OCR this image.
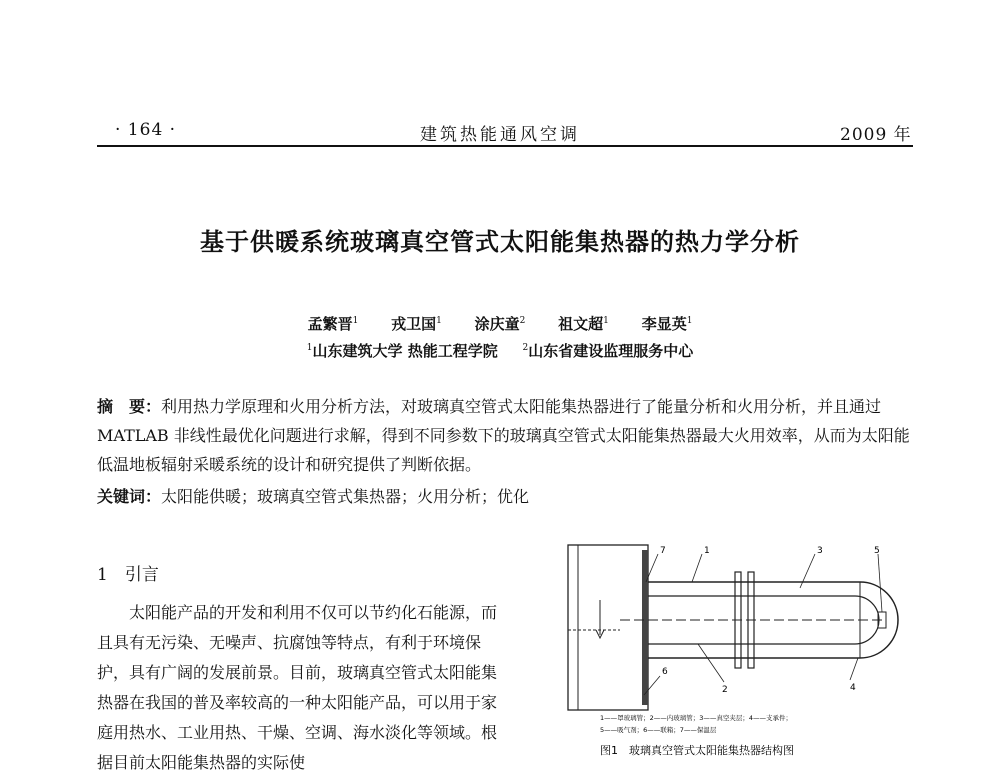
· 164 ·	建筑热能通风空调	2009 年
基于供暖系统玻璃真空管式太阳能集热器的热力学分析
孟繁晋$^1$ 戎卫国$^1$ 涂庆童$^2$ 祖文超$^1$ 李显英$^1$
$^1$山东建筑大学 热能工程学院	$^2$山东省建设监理服务中心
摘　要：利用热力学原理和火用分析方法，对玻璃真空管式太阳能集热器进行了能量分析和火用分析，并且通过 MATLAB 非线性最优化问题进行求解，得到不同参数下的玻璃真空管式太阳能集热器最大火用效率，从而为太阳能低温地板辐射采暖系统的设计和研究提供了判断依据。
关键词：太阳能供暖；玻璃真空管式集热器；火用分析；优化
1　引言

太阳能产品的开发和利用不仅可以节约化石能源，而且具有无污染、无噪声、抗腐蚀等特点，有利于环境保护，具有广阔的发展前景。目前，玻璃真空管式太阳能集热器在我国的普及率较高的一种太阳能产品，可以用于家庭用热水、工业用热、干燥、空调、海水淡化等领域。根据目前太阳能集热器的实际使

7	1	3	5
2	4
6
1——罩玻璃管；2——内玻璃管；3——真空夹层；4——支承件；
5——吸气剂；6——联箱；7——保温层
图1　玻璃真空管式太阳能集热器结构图
